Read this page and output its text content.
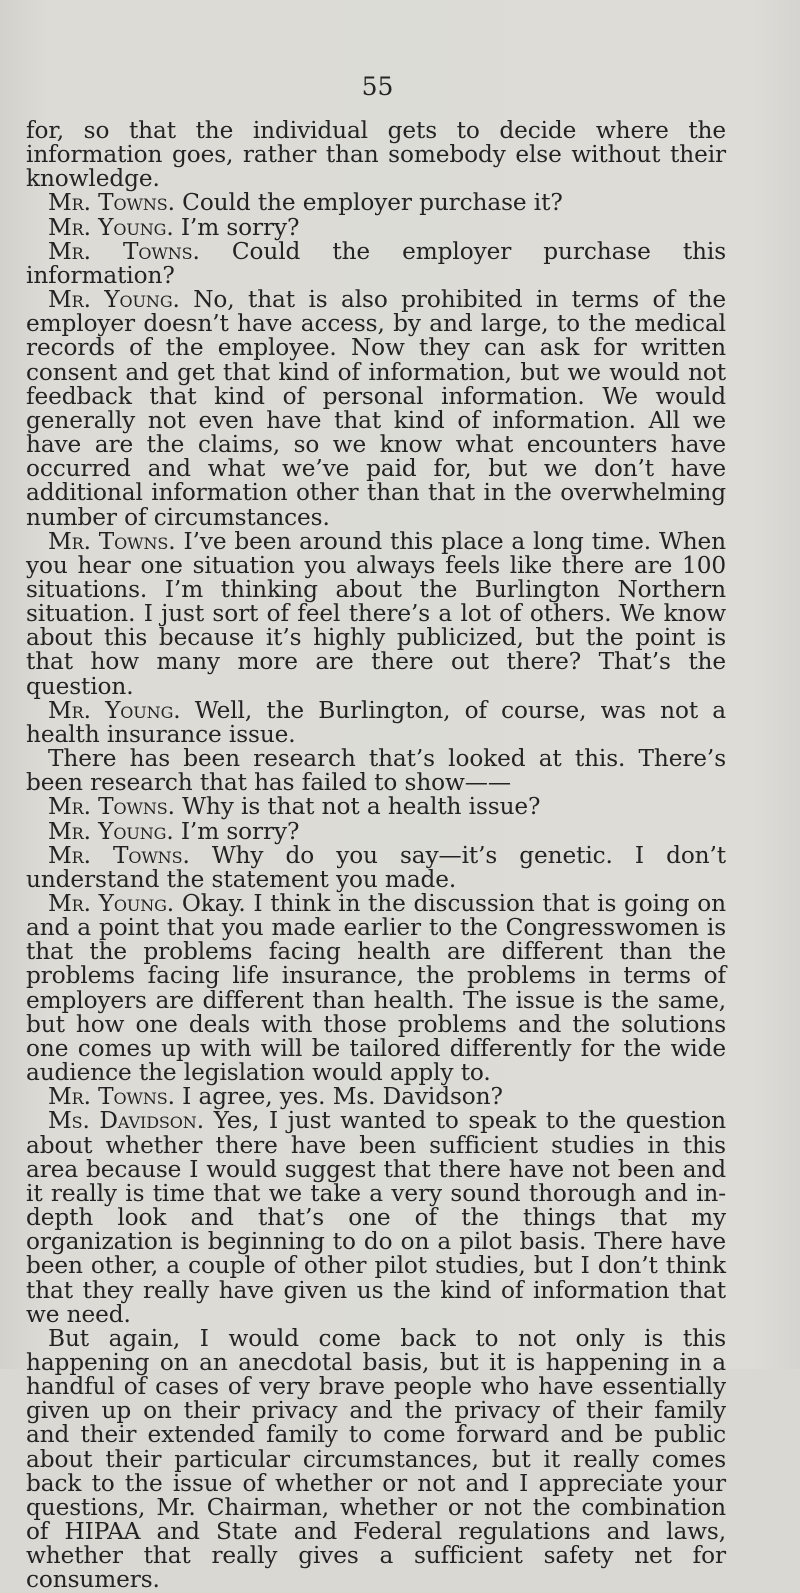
55

for, so that the individual gets to decide where the information goes, rather than somebody else without their knowledge.

Mr. Towns. Could the employer purchase it?

Mr. Young. I’m sorry?

Mr. Towns. Could the employer purchase this information?

Mr. Young. No, that is also prohibited in terms of the employer doesn’t have access, by and large, to the medical records of the employee. Now they can ask for written consent and get that kind of information, but we would not feedback that kind of personal information. We would generally not even have that kind of information. All we have are the claims, so we know what encounters have occurred and what we’ve paid for, but we don’t have additional information other than that in the overwhelming number of circumstances.

Mr. Towns. I’ve been around this place a long time. When you hear one situation you always feels like there are 100 situations. I’m thinking about the Burlington Northern situation. I just sort of feel there’s a lot of others. We know about this because it’s highly publicized, but the point is that how many more are there out there? That’s the question.

Mr. Young. Well, the Burlington, of course, was not a health insurance issue.

There has been research that’s looked at this. There’s been research that has failed to show——

Mr. Towns. Why is that not a health issue?

Mr. Young. I’m sorry?

Mr. Towns. Why do you say—it’s genetic. I don’t understand the statement you made.

Mr. Young. Okay. I think in the discussion that is going on and a point that you made earlier to the Congresswomen is that the problems facing health are different than the problems facing life insurance, the problems in terms of employers are different than health. The issue is the same, but how one deals with those problems and the solutions one comes up with will be tailored differently for the wide audience the legislation would apply to.

Mr. Towns. I agree, yes. Ms. Davidson?

Ms. Davidson. Yes, I just wanted to speak to the question about whether there have been sufficient studies in this area because I would suggest that there have not been and it really is time that we take a very sound thorough and in-depth look and that’s one of the things that my organization is beginning to do on a pilot basis. There have been other, a couple of other pilot studies, but I don’t think that they really have given us the kind of information that we need.

But again, I would come back to not only is this happening on an anecdotal basis, but it is happening in a handful of cases of very brave people who have essentially given up on their privacy and the privacy of their family and their extended family to come forward and be public about their particular circumstances, but it really comes back to the issue of whether or not and I appreciate your questions, Mr. Chairman, whether or not the combination of HIPAA and State and Federal regulations and laws, whether that really gives a sufficient safety net for consumers.
